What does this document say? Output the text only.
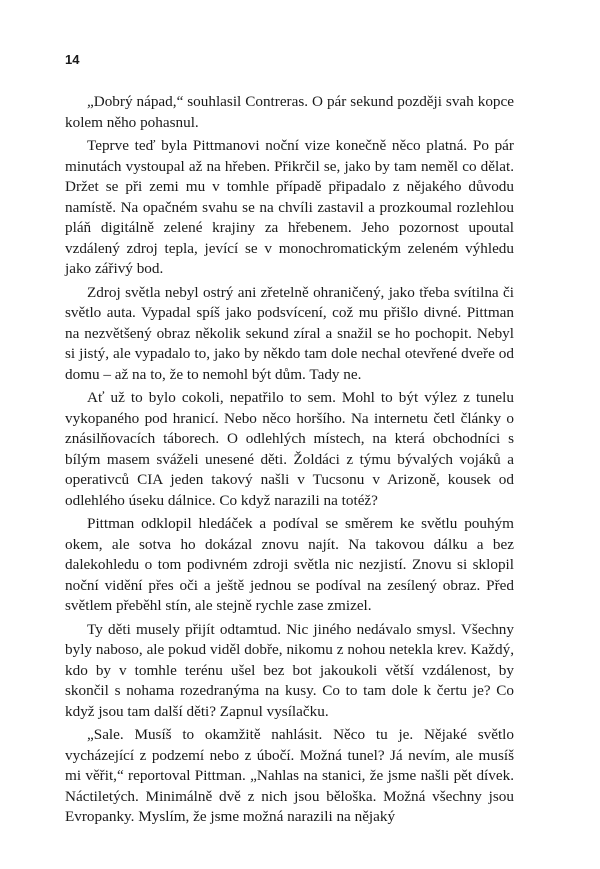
14

„Dobrý nápad,“ souhlasil Contreras. O pár sekund později svah kopce kolem něho pohasnul.

Teprve teď byla Pittmanovi noční vize konečně něco platná. Po pár minutách vystoupal až na hřeben. Přikrčil se, jako by tam neměl co dělat. Držet se při zemi mu v tomhle případě připadalo z nějakého důvodu namístě. Na opačném svahu se na chvíli zastavil a prozkoumal rozlehlou pláň digitálně zelené krajiny za hřebenem. Jeho pozornost upoutal vzdálený zdroj tepla, jevící se v monochromatickým zeleném výhledu jako zářivý bod.

Zdroj světla nebyl ostrý ani zřetelně ohraničený, jako třeba svítilna či světlo auta. Vypadal spíš jako podsvícení, což mu přišlo divné. Pittman na nezvětšený obraz několik sekund zíral a snažil se ho pochopit. Nebyl si jistý, ale vypadalo to, jako by někdo tam dole nechal otevřené dveře od domu – až na to, že to nemohl být dům. Tady ne.

Ať už to bylo cokoli, nepatřilo to sem. Mohl to být výlez z tunelu vykopaného pod hranicí. Nebo něco horšího. Na internetu četl články o znásilňovacích táborech. O odlehlých místech, na která obchodníci s bílým masem sváželi unesené děti. Žoldáci z týmu bývalých vojáků a operativců CIA jeden takový našli v Tucsonu v Arizoně, kousek od odlehlého úseku dálnice. Co když narazili na totéž?

Pittman odklopil hledáček a podíval se směrem ke světlu pouhým okem, ale sotva ho dokázal znovu najít. Na takovou dálku a bez dalekohledu o tom podivném zdroji světla nic nezjistí. Znovu si sklopil noční vidění přes oči a ještě jednou se podíval na zesílený obraz. Před světlem přeběhl stín, ale stejně rychle zase zmizel.

Ty děti musely přijít odtamtud. Nic jiného nedávalo smysl. Všechny byly naboso, ale pokud viděl dobře, nikomu z nohou netekla krev. Každý, kdo by v tomhle terénu ušel bez bot jakoukoli větší vzdálenost, by skončil s nohama rozedranýma na kusy. Co to tam dole k čertu je? Co když jsou tam další děti? Zapnul vysílačku.

„Sale. Musíš to okamžitě nahlásit. Něco tu je. Nějaké světlo vycházející z podzemí nebo z úbočí. Možná tunel? Já nevím, ale musíš mi věřit,“ reportoval Pittman. „Nahlas na stanici, že jsme našli pět dívek. Náctiletých. Minimálně dvě z nich jsou běloška. Možná všechny jsou Evropanky. Myslím, že jsme možná narazili na nějaký
